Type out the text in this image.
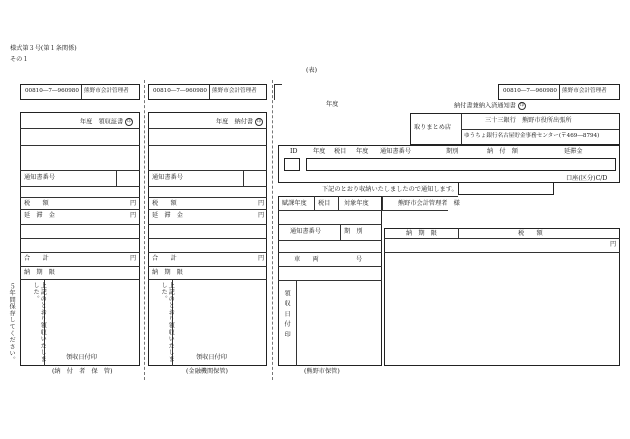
様式第３号(第１条関係)
その１
(表)
00810―7―960980 熊野市会計管理者	00810―7―960980 熊野市会計管理者	00810―7―960980 熊野市会計管理者
年度　領収証書 印
通知書番号
税　　額	円
延　滞　金	円
合　　計	円
納　期　限
上記のとおり領収いたしました。
領収日付印
５年間保存してください。
(納　付　者　保　管)
年度　納付書 印
通知書番号
税　　額	円
延　滞　金	円
合　　計	円
納　期　限
上記のとおり領収いたしました。
領収日付印
(金融機関保管)
年度	納付書兼納入済通知書 印
取りまとめ店
三十三銀行　熊野市役所出張所
ゆうちょ銀行名古屋貯金事務センター(〒469―8794)
ID	年度 税目 年度 通知書番号	期別	納　付　額	延滞金
口座(区分)C/D
下記のとおり収納いたしましたので通知します。
賦課年度 税目 対象年度	熊野市会計管理者　様
通知書番号	期　別
車　　両	号
領収日付印
(熊野市保管)
納　期　限	税　　額
円
